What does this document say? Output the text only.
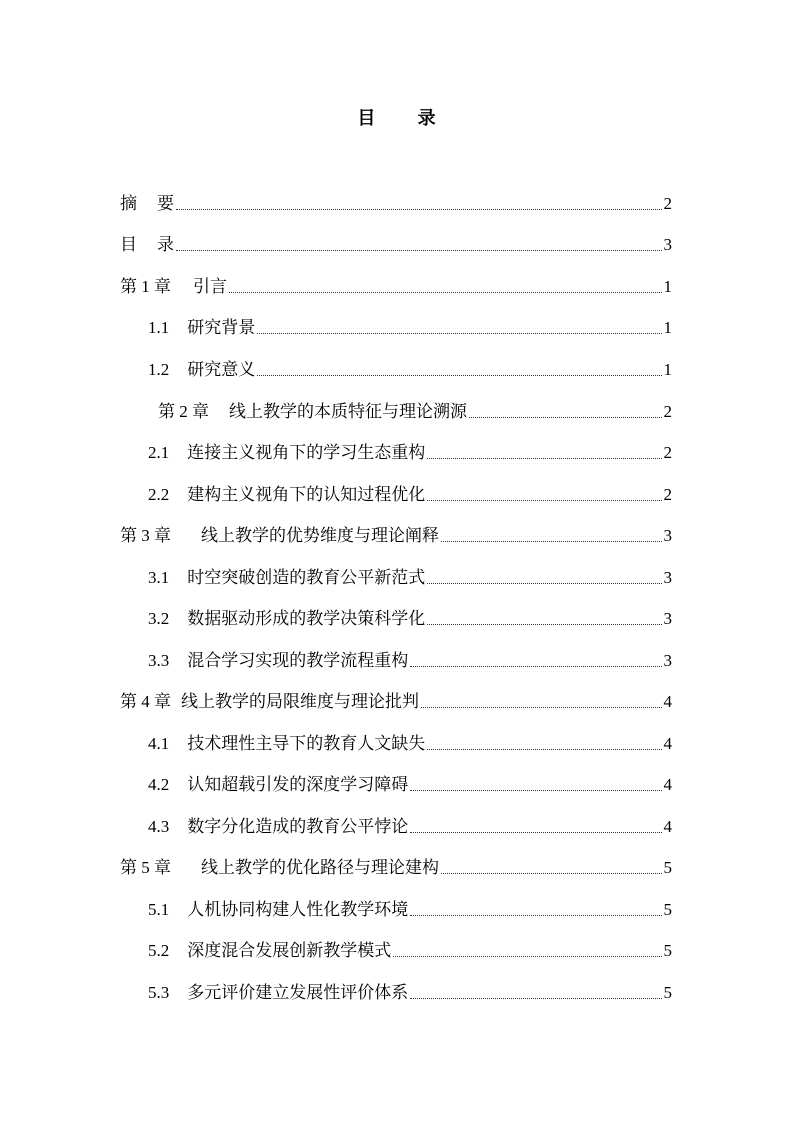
目 录
摘 要	2
目 录	3
第 1 章 引言	1
1.1 研究背景	1
1.2 研究意义	1
第 2 章 线上教学的本质特征与理论溯源	2
2.1 连接主义视角下的学习生态重构	2
2.2 建构主义视角下的认知过程优化	2
第 3 章 线上教学的优势维度与理论阐释	3
3.1 时空突破创造的教育公平新范式	3
3.2 数据驱动形成的教学决策科学化	3
3.3 混合学习实现的教学流程重构	3
第 4 章 线上教学的局限维度与理论批判	4
4.1 技术理性主导下的教育人文缺失	4
4.2 认知超载引发的深度学习障碍	4
4.3 数字分化造成的教育公平悖论	4
第 5 章 线上教学的优化路径与理论建构	5
5.1 人机协同构建人性化教学环境	5
5.2 深度混合发展创新教学模式	5
5.3 多元评价建立发展性评价体系	5
